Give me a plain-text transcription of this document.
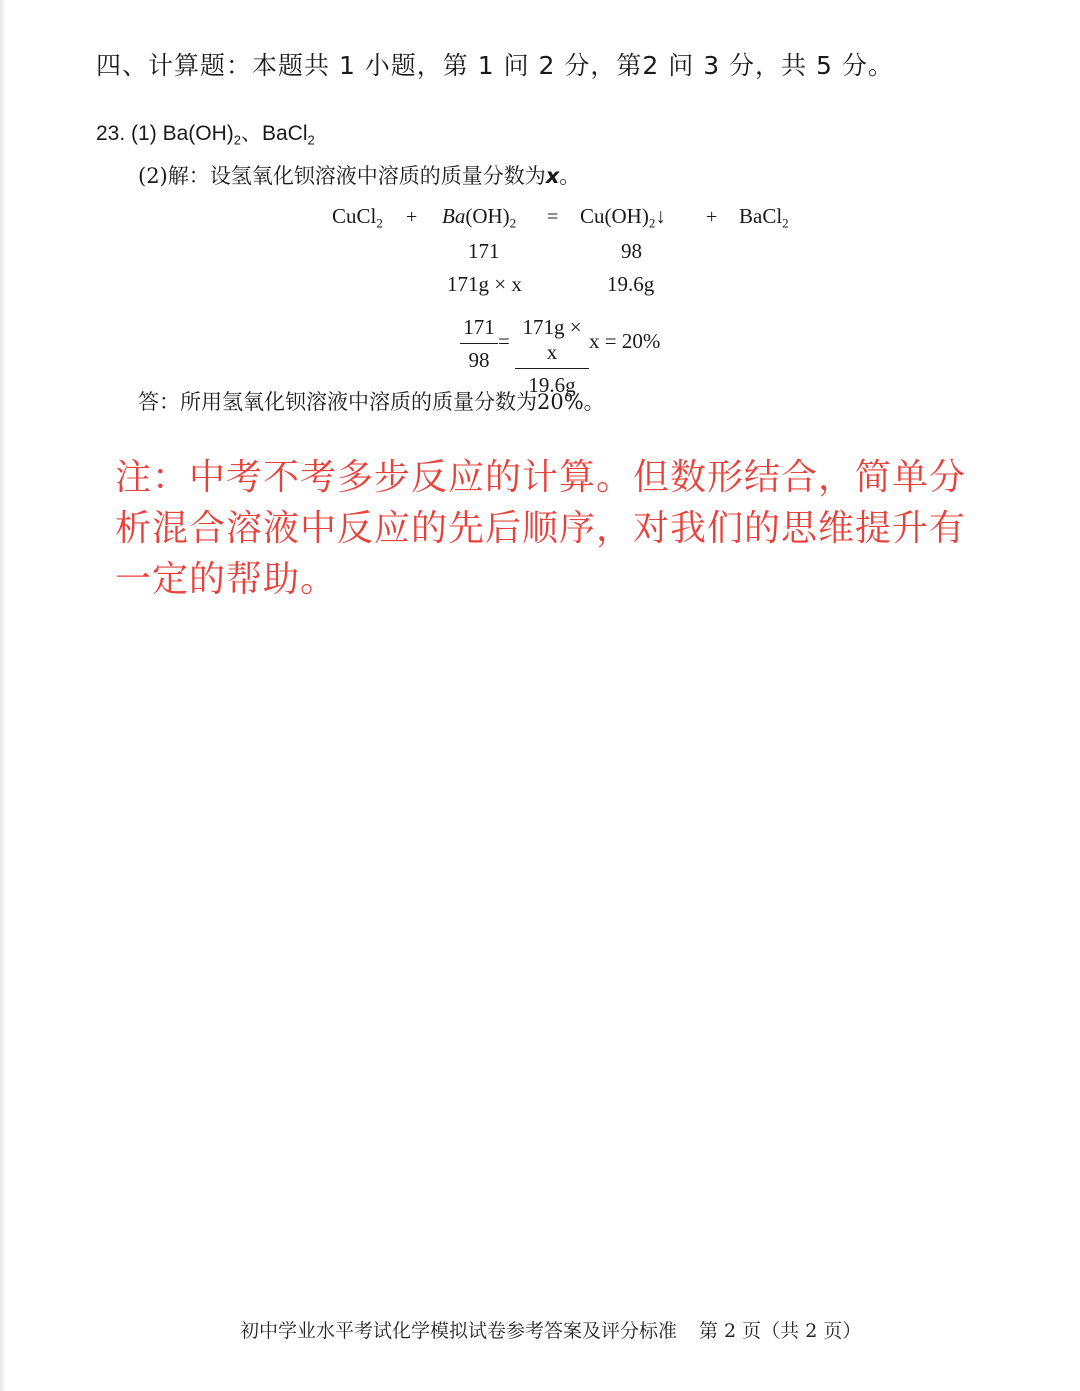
四、计算题：本题共 1 小题，第 1 问 2 分，第2 问 3 分，共 5 分。
23. (1) $Ba(OH)_2$、BaCl$_2$
(2)解：设氢氧化钡溶液中溶质的质量分数为x。
CuCl$_2$ + $Ba(OH)_2$ = $Cu(OH)_2↓$ + BaCl$_2$
171	98
171g × x	19.6g
$\frac{171}{98} = \frac{171g \times x}{19.6g}$ x = 20%
答：所用氢氧化钡溶液中溶质的质量分数为20%。
注：中考不考多步反应的计算。但数形结合，简单分析混合溶液中反应的先后顺序，对我们的思维提升有一定的帮助。
初中学业水平考试化学模拟试卷参考答案及评分标准 第 2 页（共 2 页）
